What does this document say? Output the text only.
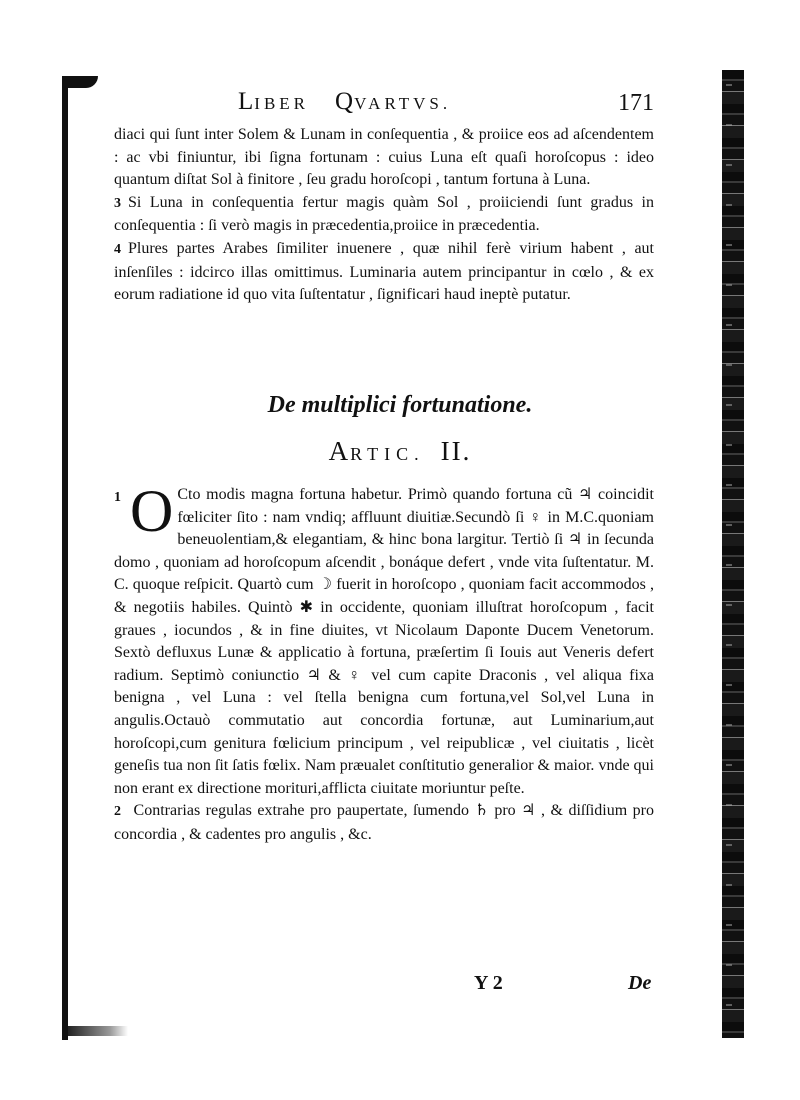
LIBER QVARTVS.	171

diaci qui ſunt inter Solem & Lunam in conſequentia , & proiice eos ad aſcendentem : ac vbi finiuntur, ibi ſigna fortunam : cuius Luna eſt quaſi horoſcopus : ideo quantum diſtat Sol à finitore , ſeu gradu horoſcopi , tantum fortuna à Luna.

3 Si Luna in conſequentia fertur magis quàm Sol , proiiciendi ſunt gradus in conſequentia : ſi verò magis in præcedentia,proiice in præcedentia.

4 Plures partes Arabes ſimiliter inuenere , quæ nihil ferè virium habent , aut inſenſiles : idcirco illas omittimus. Luminaria autem principantur in cœlo , & ex eorum radiatione id quo vita ſuſtentatur , ſignificari haud ineptè putatur.

De multiplici fortunatione.
ARTIC. II.

1 O Cto modis magna fortuna habetur. Primò quando fortuna cũ ♃ coincidit fœliciter ſito : nam vndiq; affluunt diuitiæ.Secundò ſi ♀ in M.C.quoniam beneuolentiam,& elegantiam, & hinc bona largitur. Tertiò ſi ♃ in ſecunda domo , quoniam ad horoſcopum aſcendit , bonáque defert , vnde vita ſuſtentatur. M. C. quoque reſpicit. Quartò cum ☽ fuerit in horoſcopo , quoniam facit accommodos , & negotiis habiles. Quintò ✱ in occidente, quoniam illuſtrat horoſcopum , facit graues , iocundos , & in fine diuites, vt Nicolaum Daponte Ducem Venetorum. Sextò defluxus Lunæ & applicatio à fortuna, præſertim ſi Iouis aut Veneris defert radium. Septimò coniunctio ♃ & ♀ vel cum capite Draconis , vel aliqua fixa benigna , vel Luna : vel ſtella benigna cum fortuna,vel Sol,vel Luna in angulis.Octauò commutatio aut concordia fortunæ, aut Luminarium,aut horoſcopi,cum genitura fœlicium principum , vel reipublicæ , vel ciuitatis , licèt geneſis tua non ſit ſatis fœlix. Nam præualet conſtitutio generalior & maior. vnde qui non erant ex directione morituri,afflicta ciuitate moriuntur peſte.

2 Contrarias regulas extrahe pro paupertate, ſumendo ♄ pro ♃ , & diſſidium pro concordia , & cadentes pro angulis , &c.

Y 2	De
